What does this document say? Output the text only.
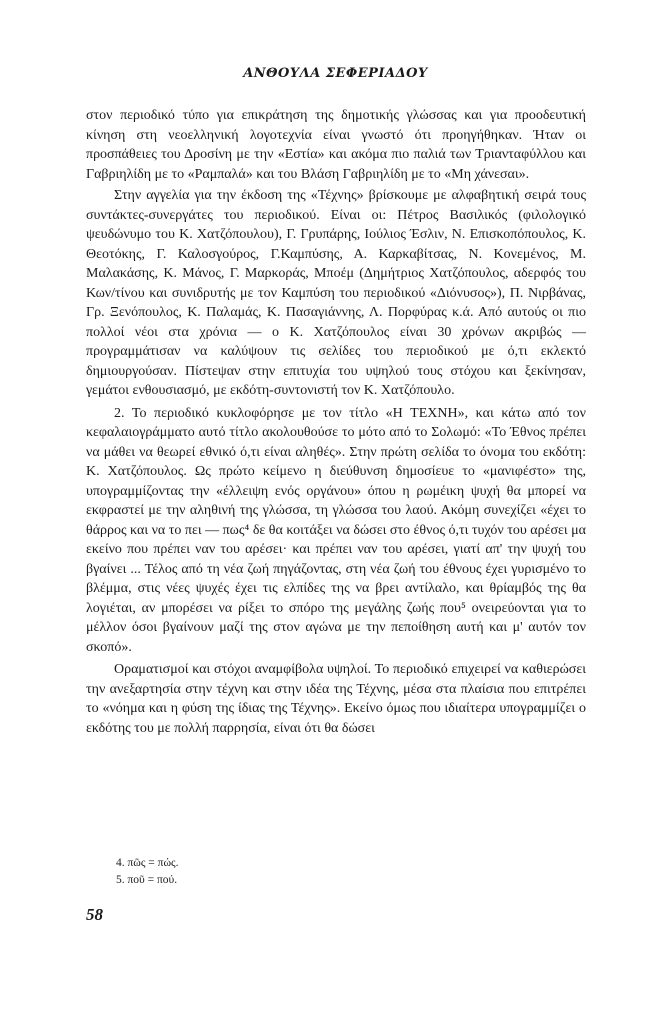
ΑΝΘΟΥΛΑ ΣΕΦΕΡΙΑΔΟΥ

στον περιοδικό τύπο για επικράτηση της δημοτικής γλώσσας και για προοδευτική κίνηση στη νεοελληνική λογοτεχνία είναι γνωστό ότι προηγήθηκαν. Ήταν οι προσπάθειες του Δροσίνη με την «Εστία» και ακόμα πιο παλιά των Τριανταφύλλου και Γαβριηλίδη με το «Ραμπαλά» και του Βλάση Γαβριηλίδη με το «Μη χάνεσαι».

Στην αγγελία για την έκδοση της «Τέχνης» βρίσκουμε με αλφαβητική σειρά τους συντάκτες-συνεργάτες του περιοδικού. Είναι οι: Πέτρος Βασιλικός (φιλολογικό ψευδώνυμο του Κ. Χατζόπουλου), Γ. Γρυπάρης, Ιούλιος Έσλιν, Ν. Επισκοπόπουλος, Κ. Θεοτόκης, Γ. Καλοσγούρος, Γ.Καμπύσης, Α. Καρκαβίτσας, Ν. Κονεμένος, Μ. Μαλακάσης, Κ. Μάνος, Γ. Μαρκοράς, Μποέμ (Δημήτριος Χατζόπουλος, αδερφός του Κων/τίνου και συνιδρυτής με τον Καμπύση του περιοδικού «Διόνυσος»), Π. Νιρβάνας, Γρ. Ξενόπουλος, Κ. Παλαμάς, Κ. Πασαγιάννης, Λ. Πορφύρας κ.ά. Από αυτούς οι πιο πολλοί νέοι στα χρόνια — ο Κ. Χατζόπουλος είναι 30 χρόνων ακριβώς — προγραμμάτισαν να καλύψουν τις σελίδες του περιοδικού με ό,τι εκλεκτό δημιουργούσαν. Πίστεψαν στην επιτυχία του υψηλού τους στόχου και ξεκίνησαν, γεμάτοι ενθουσιασμό, με εκδότη-συντονιστή τον Κ. Χατζόπουλο.

2. Το περιοδικό κυκλοφόρησε με τον τίτλο «Η ΤΕΧΝΗ», και κάτω από τον κεφαλαιογράμματο αυτό τίτλο ακολουθούσε το μότο από το Σολωμό: «Το Έθνος πρέπει να μάθει να θεωρεί εθνικό ό,τι είναι αληθές». Στην πρώτη σελίδα το όνομα του εκδότη: Κ. Χατζόπουλος. Ως πρώτο κείμενο η διεύθυνση δημοσίευε το «μανιφέστο» της, υπογραμμίζοντας την «έλλειψη ενός οργάνου» όπου η ρωμέικη ψυχή θα μπορεί να εκφραστεί με την αληθινή της γλώσσα, τη γλώσσα του λαού. Ακόμη συνεχίζει «έχει το θάρρος και να το πει — πως⁴ δε θα κοιτάξει να δώσει στο έθνος ό,τι τυχόν του αρέσει μα εκείνο που πρέπει ναν του αρέσει· και πρέπει ναν του αρέσει, γιατί απ' την ψυχή του βγαίνει ... Τέλος από τη νέα ζωή πηγάζοντας, στη νέα ζωή του έθνους έχει γυρισμένο το βλέμμα, στις νέες ψυχές έχει τις ελπίδες της να βρει αντίλαλο, και θρίαμβός της θα λογιέται, αν μπορέσει να ρίξει το σπόρο της μεγάλης ζωής που⁵ ονειρεύονται για το μέλλον όσοι βγαίνουν μαζί της στον αγώνα με την πεποίθηση αυτή και μ' αυτόν τον σκοπό».

Οραματισμοί και στόχοι αναμφίβολα υψηλοί. Το περιοδικό επιχειρεί να καθιερώσει την ανεξαρτησία στην τέχνη και στην ιδέα της Τέχνης, μέσα στα πλαίσια που επιτρέπει το «νόημα και η φύση της ίδιας της Τέχνης». Εκείνο όμως που ιδιαίτερα υπογραμμίζει ο εκδότης του με πολλή παρρησία, είναι ότι θα δώσει

4. πῶς = πώς.
5. ποῦ = πού.
58
